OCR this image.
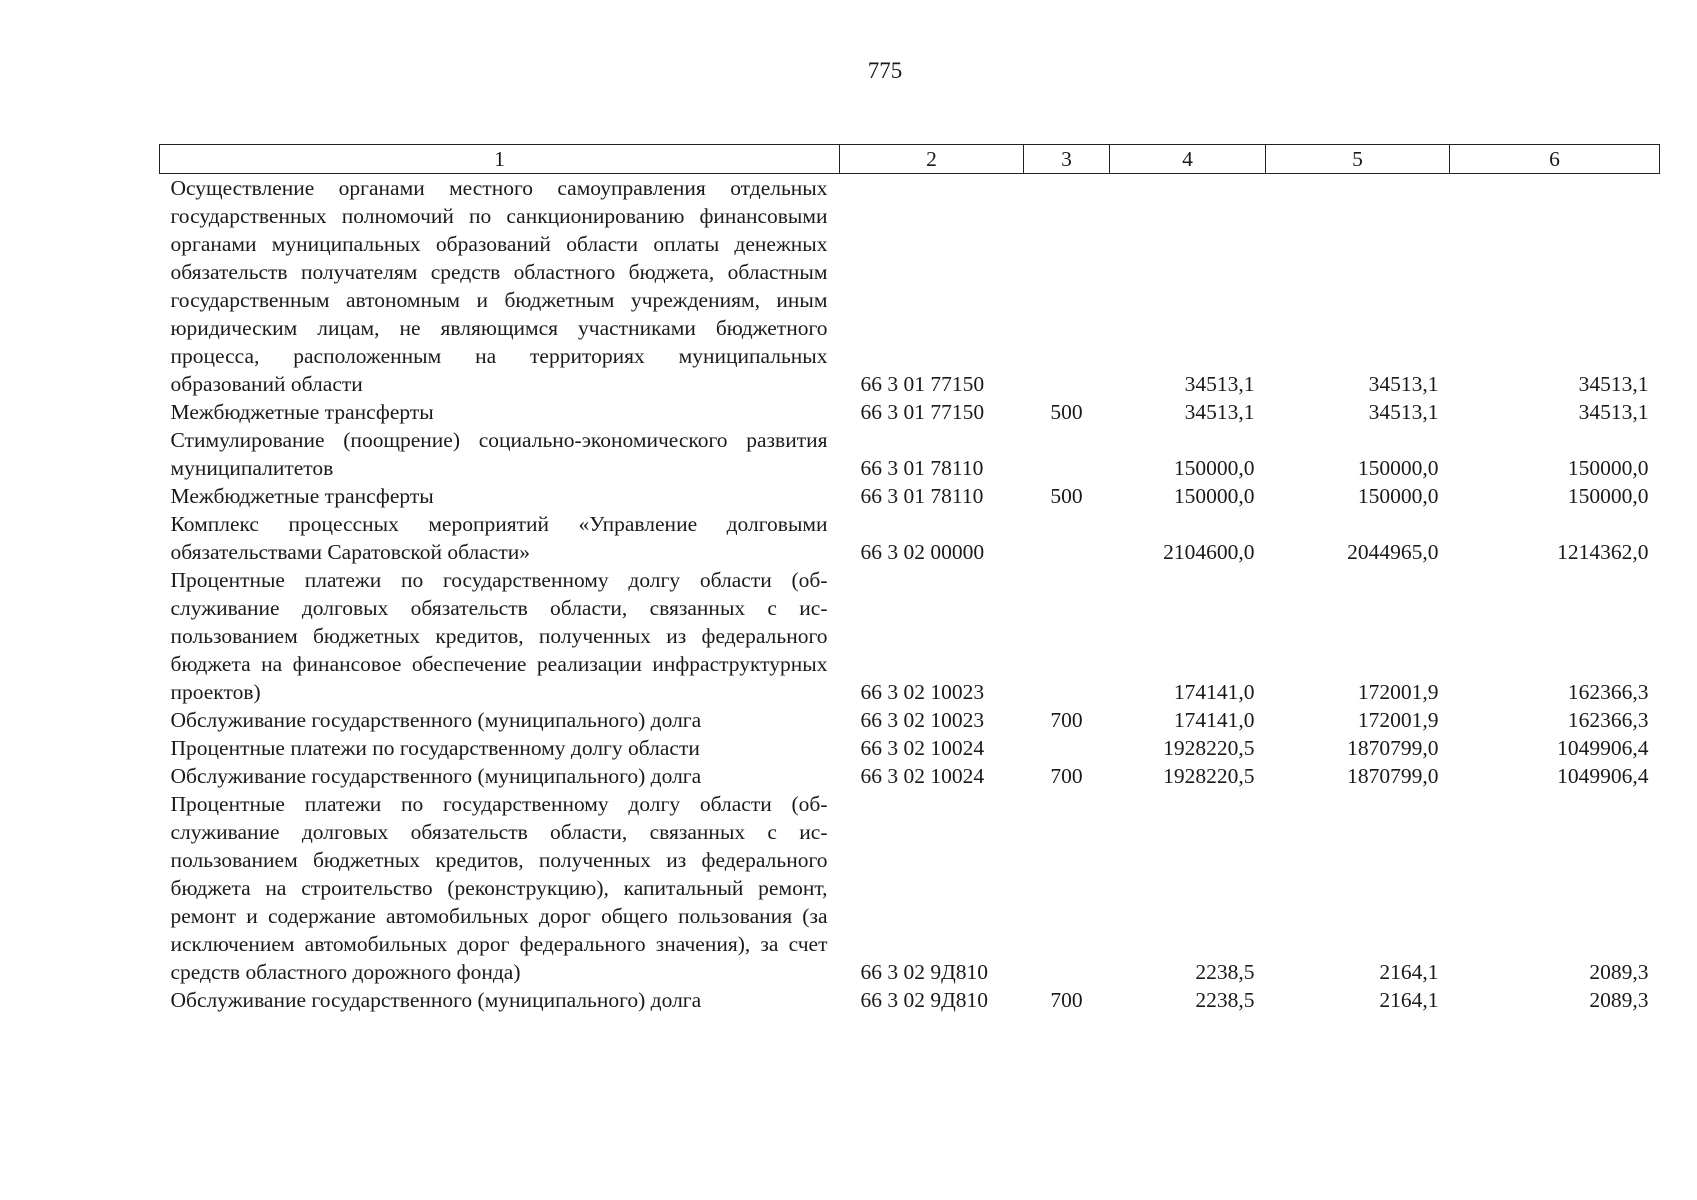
775
1	2	3	4	5	6
Осуществление органами местного самоуправления отдельных государственных полномочий по санкционированию финансовыми органами муниципальных образований области оплаты денежных обязательств получателям средств областного бюджета, областным государственным автономным и бюджетным учреждениям, иным юридическим лицам, не являющимся участниками бюджетного процесса, расположенным на территориях муниципальных образований области	66 3 01 77150		34513,1	34513,1	34513,1
Межбюджетные трансферты	66 3 01 77150	500	34513,1	34513,1	34513,1
Стимулирование (поощрение) социально-экономического развития муниципалитетов	66 3 01 78110		150000,0	150000,0	150000,0
Межбюджетные трансферты	66 3 01 78110	500	150000,0	150000,0	150000,0
Комплекс процессных мероприятий «Управление долговыми обязательствами Саратовской области»	66 3 02 00000		2104600,0	2044965,0	1214362,0
Процентные платежи по государственному долгу области (обслуживание долговых обязательств области, связанных с использованием бюджетных кредитов, полученных из федерального бюджета на финансовое обеспечение реализации инфраструктурных проектов)	66 3 02 10023		174141,0	172001,9	162366,3
Обслуживание государственного (муниципального) долга	66 3 02 10023	700	174141,0	172001,9	162366,3
Процентные платежи по государственному долгу области	66 3 02 10024		1928220,5	1870799,0	1049906,4
Обслуживание государственного (муниципального) долга	66 3 02 10024	700	1928220,5	1870799,0	1049906,4
Процентные платежи по государственному долгу области (обслуживание долговых обязательств области, связанных с использованием бюджетных кредитов, полученных из федерального бюджета на строительство (реконструкцию), капитальный ремонт, ремонт и содержание автомобильных дорог общего пользования (за исключением автомобильных дорог федерального значения), за счет средств областного дорожного фонда)	66 3 02 9Д810		2238,5	2164,1	2089,3
Обслуживание государственного (муниципального) долга	66 3 02 9Д810	700	2238,5	2164,1	2089,3
